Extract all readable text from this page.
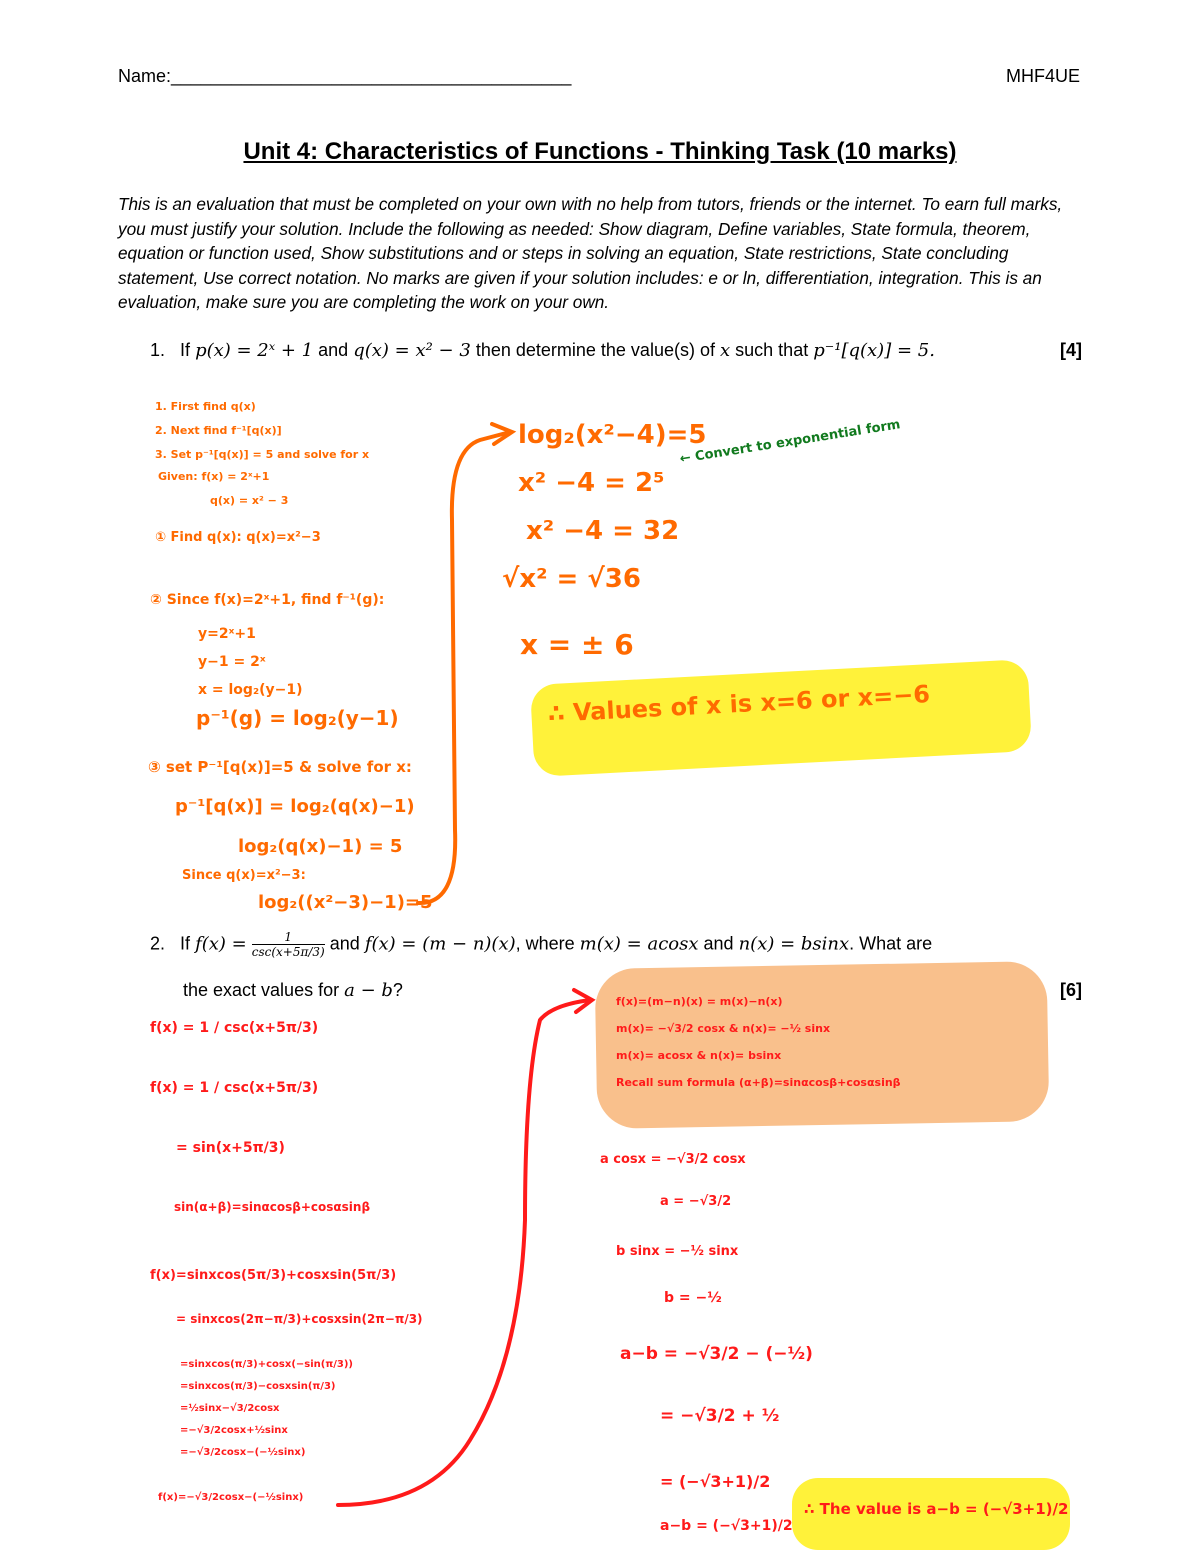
Name:________________________________________	MHF4UE
Unit 4: Characteristics of Functions - Thinking Task (10 marks)
This is an evaluation that must be completed on your own with no help from tutors, friends or the internet. To earn full marks, you must justify your solution. Include the following as needed: Show diagram, Define variables, State formula, theorem, equation or function used, Show substitutions and or steps in solving an equation, State restrictions, State concluding statement, Use correct notation. No marks are given if your solution includes: e or ln, differentiation, integration. This is an evaluation, make sure you are completing the work on your own.
1. If p(x) = 2ˣ + 1 and q(x) = x² − 3 then determine the value(s) of x such that p⁻¹[q(x)] = 5.	[4]
2. If $f(x) = \frac{1}{\csc(x+5\pi/3)}$ and f(x) = (m − n)(x), where m(x) = acosx and n(x) = bsinx. What are
the exact values for a − b?	[6]
1. First find q(x)
2. Next find f⁻¹[q(x)]
3. Set p⁻¹[q(x)] = 5 and solve for x
Given: f(x) = 2ˣ+1
q(x) = x² − 3
① Find q(x): q(x)=x²−3
② Since f(x)=2ˣ+1, find f⁻¹(g):
y=2ˣ+1
y−1 = 2ˣ
x = log₂(y−1)
p⁻¹(g) = log₂(y−1)
③ set P⁻¹[q(x)]=5 & solve for x:
p⁻¹[q(x)] = log₂(q(x)−1)
log₂(q(x)−1) = 5
Since q(x)=x²−3:
log₂((x²−3)−1)=5
log₂(x²−4)=5
x² −4 = 2⁵
x² −4 = 32
√x² = √36
x = ± 6
← Convert to exponential form
∴ Values of x is x=6 or x=−6
f(x) = 1 / csc(x+5π/3)
f(x) = 1 / csc(x+5π/3)
= sin(x+5π/3)
sin(α+β)=sinαcosβ+cosαsinβ
f(x)=sinxcos(5π/3)+cosxsin(5π/3)
= sinxcos(2π−π/3)+cosxsin(2π−π/3)
=sinxcos(π/3)+cosx(−sin(π/3))
=sinxcos(π/3)−cosxsin(π/3)
=½sinx−√3/2cosx
=−√3/2cosx+½sinx
=−√3/2cosx−(−½sinx)
f(x)=−√3/2cosx−(−½sinx)
f(x)=(m−n)(x) = m(x)−n(x)
m(x)= −√3/2 cosx & n(x)= −½ sinx
m(x)= acosx & n(x)= bsinx
Recall sum formula (α+β)=sinαcosβ+cosαsinβ
a cosx = −√3/2 cosx
a = −√3/2
b sinx = −½ sinx
b = −½
a−b = −√3/2 − (−½)
= −√3/2 + ½
= (−√3+1)/2
a−b = (−√3+1)/2
∴ The value is a−b = (−√3+1)/2
